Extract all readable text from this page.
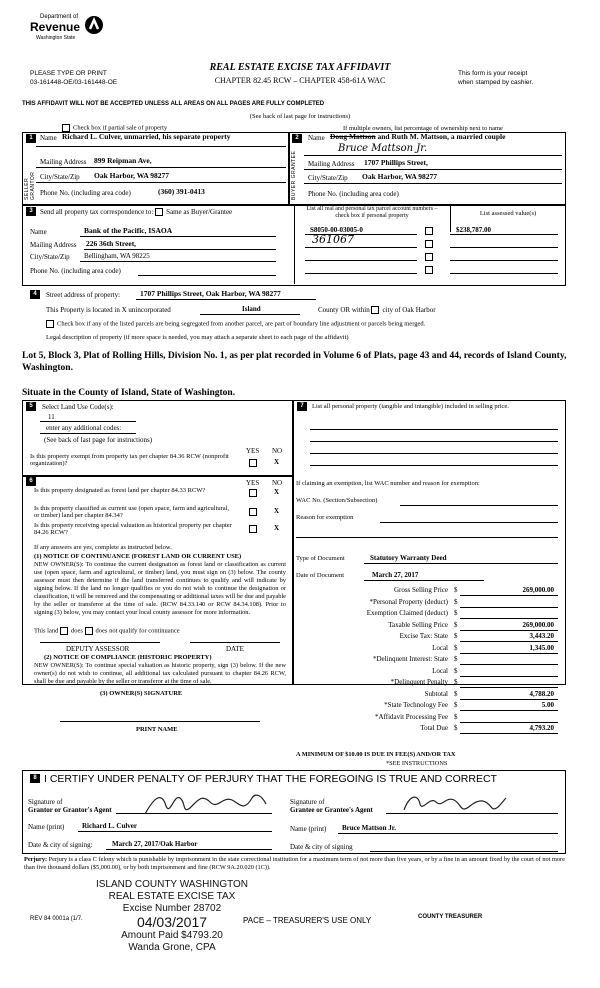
Department of
Revenue
Washington State
REAL ESTATE EXCISE TAX AFFIDAVIT
CHAPTER 82.45 RCW – CHAPTER 458-61A WAC
PLEASE TYPE OR PRINT
03-161448-OE/03-161448-OE
This form is your receipt
when stamped by cashier.
THIS AFFIDAVIT WILL NOT BE ACCEPTED UNLESS ALL AREAS ON ALL PAGES ARE FULLY COMPLETED
(See back of last page for instructions)
Check box if partial sale of property	If multiple owners, list percentage of ownership next to name
1
SELLER GRANTOR
Name Richard L. Culver, unmarried, his separate property
Mailing Address 899 Reipman Ave,
City/State/Zip Oak Harbor, WA 98277
Phone No. (including area code)	(360) 391-0413
2
BUYER GRANTEE
Name Doug Mattson and Ruth M. Mattson, a married couple
Bruce Mattson Jr.
Mailing Address 1707 Phillips Street,
City/State/Zip Oak Harbor, WA 98277
Phone No. (including area code)
3	Send all property tax correspondence to: Same as Buyer/Grantee
Name	Bank of the Pacific, ISAOA
Mailing Address 226 36th Street,
City/State/Zip Bellingham, WA 98225
Phone No. (including area code)
List all real and personal tax parcel account numbers – check box if personal property	List assessed value(s)
S8050-00-03005-0	$238,787.00
361067
4	Street address of property:	1707 Phillips Street, Oak Harbor, WA 98277
This Property is located in X unincorporated	Island	County OR within city of Oak Harbor
Check box if any of the listed parcels are being segregated from another parcel, are part of boundary line adjustment or parcels being merged.
Legal description of property (if more space is needed, you may attach a separate sheet to each page of the affidavit)
Lot 5, Block 3, Plat of Rolling Hills, Division No. 1, as per plat recorded in Volume 6 of Plats, page 43 and 44, records of Island County, Washington.
Situate in the County of Island, State of Washington.
5	Select Land Use Code(s):
11
enter any additional codes:
(See back of last page for instructions)
YES NO
Is this property exempt from property tax per chapter 84.36 RCW (nonprofit organization)?	X
6	YES NO
Is this property designated as forest land per chapter 84.33 RCW?	X
Is this property classified as current use (open space, farm and agricultural, or timber) land per chapter 84.34?
X
Is this property receiving special valuation as historical property per chapter 84.26 RCW?
X
If any answers are yes, complete as instructed below.
(1) NOTICE OF CONTINUANCE (FOREST LAND OR CURRENT USE)
NEW OWNER(S): To continue the current designation as forest land or classification as current use (open space, farm and agricultural, or timber) land, you must sign on (3) below. The county assessor must then determine if the land transferred continues to qualify and will indicate by signing below. If the land no longer qualifies or you do not wish to continue the designation or classification, it will be removed and the compensating or additional taxes will be due and payable by the seller or transferor at the time of sale. (RCW 84.33.140 or RCW 84.34.108). Prior to signing (3) below, you may contact your local county assessor for more information.
This land does does not qualify for continuance
DEPUTY ASSESSOR	DATE
(2) NOTICE OF COMPLIANCE (HISTORIC PROPERTY)
NEW OWNER(S): To continue special valuation as historic property, sign (3) below. If the new owner(s) do not wish to continue, all additional tax calculated pursuant to chapter 84.26 RCW, shall be due and payable by the seller or transferor at the time of sale.
(3) OWNER(S) SIGNATURE
PRINT NAME
7	List all personal property (tangible and intangible) included in selling price.
If claiming an exemption, list WAC number and reason for exemption:
WAC No. (Section/Subsection)
Reason for exemption
Type of Document	Statutory Warranty Deed
Date of Document	March 27, 2017
Gross Selling Price $	269,000.00
*Personal Property (deduct) $
Exemption Claimed (deduct) $
Taxable Selling Price $	269,000.00
Excise Tax: State $	3,443.20
Local $	1,345.00
*Delinquent Interest: State $
Local $
*Delinquent Penalty $
Subtotal $	4,788.20
*State Technology Fee $	5.00
*Affidavit Processing Fee $
Total Due $	4,793.20
A MINIMUM OF $10.00 IS DUE IN FEE(S) AND/OR TAX
*SEE INSTRUCTIONS
8 I CERTIFY UNDER PENALTY OF PERJURY THAT THE FOREGOING IS TRUE AND CORRECT
Signature of
Grantor or Grantor's Agent
Signature of
Grantee or Grantee's Agent
Name (print)	Richard L. Culver	Name (print) Bruce Mattson Jr.
Date & city of signing:	March 27, 2017/Oak Harbor	Date & city of signing
Perjury: Perjury is a class C felony which is punishable by imprisonment in the state correctional institution for a maximum term of not more than five years, or by a fine in an amount fixed by the court of not more than five thousand dollars ($5,000.00), or by both imprisonment and fine (RCW 9A.20.020 (1C)).
ISLAND COUNTY WASHINGTON
REAL ESTATE EXCISE TAX
Excise Number 28702
04/03/2017
Amount Paid $4793.20
Wanda Grone, CPA
REV 84 0001a (1/7.	PACE – TREASURER'S USE ONLY	COUNTY TREASURER
